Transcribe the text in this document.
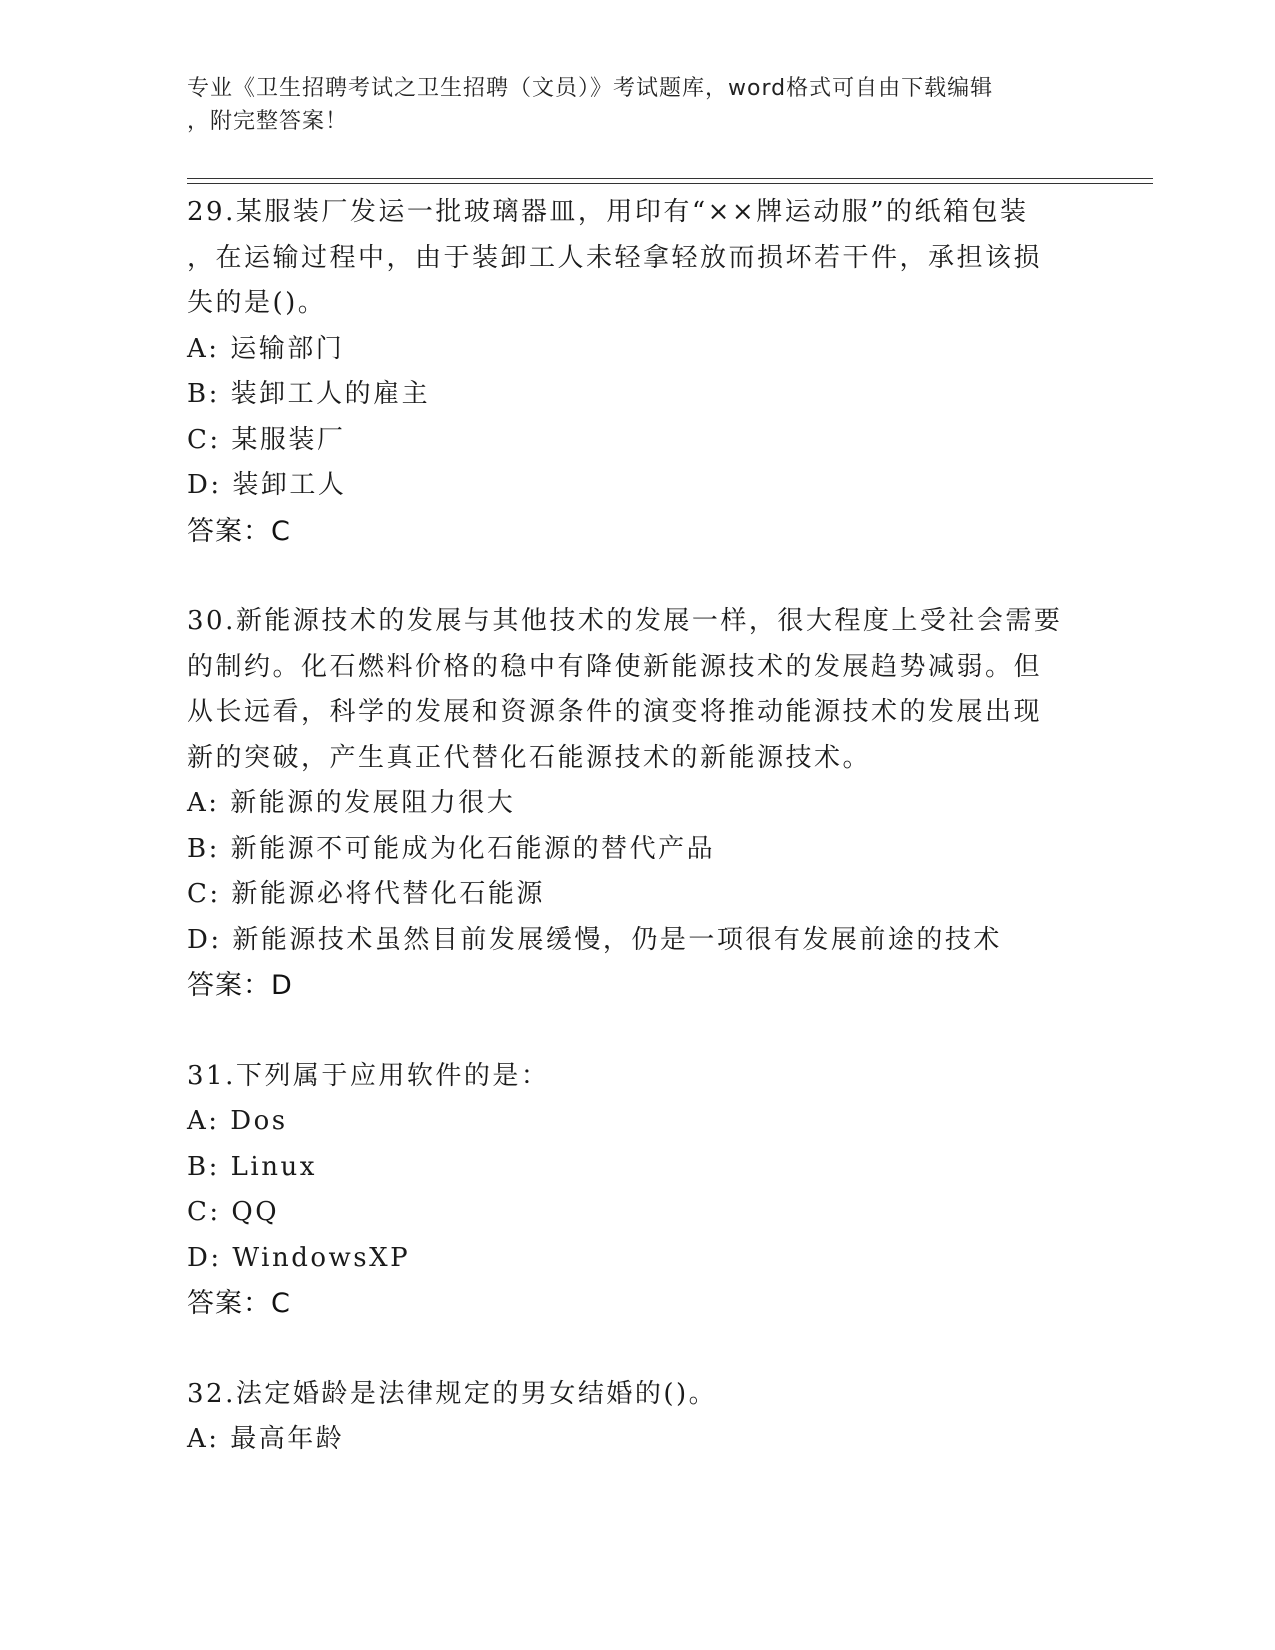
专业《卫生招聘考试之卫生招聘（文员）》考试题库，word格式可自由下载编辑
，附完整答案！
29.某服装厂发运一批玻璃器皿，用印有“××牌运动服”的纸箱包装
，在运输过程中，由于装卸工人未轻拿轻放而损坏若干件，承担该损
失的是()。
A: 运输部门
B: 装卸工人的雇主
C: 某服装厂
D: 装卸工人
答案：C
30.新能源技术的发展与其他技术的发展一样，很大程度上受社会需要
的制约。化石燃料价格的稳中有降使新能源技术的发展趋势减弱。但
从长远看，科学的发展和资源条件的演变将推动能源技术的发展出现
新的突破，产生真正代替化石能源技术的新能源技术。
A: 新能源的发展阻力很大
B: 新能源不可能成为化石能源的替代产品
C: 新能源必将代替化石能源
D: 新能源技术虽然目前发展缓慢，仍是一项很有发展前途的技术
答案：D
31.下列属于应用软件的是：
A: Dos
B: Linux
C: QQ
D: WindowsXP
答案：C
32.法定婚龄是法律规定的男女结婚的()。
A: 最高年龄
